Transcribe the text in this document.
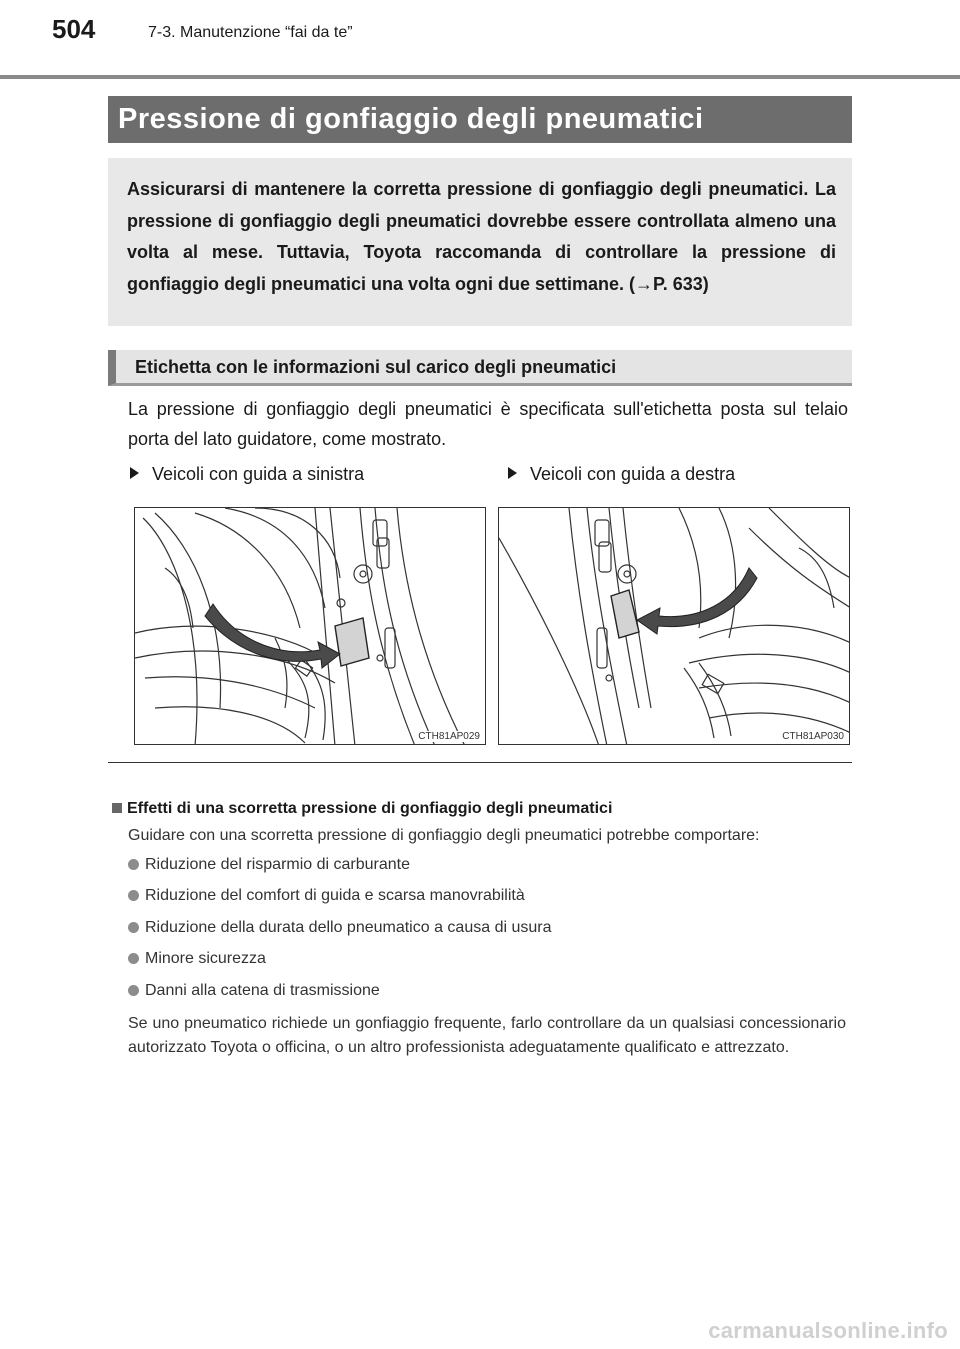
504	7-3. Manutenzione “fai da te”
Pressione di gonfiaggio degli pneumatici
Assicurarsi di mantenere la corretta pressione di gonfiaggio degli pneumatici. La pressione di gonfiaggio degli pneumatici dovrebbe essere controllata almeno una volta al mese. Tuttavia, Toyota raccomanda di controllare la pressione di gonfiaggio degli pneumatici una volta ogni due settimane. (→P. 633)
Etichetta con le informazioni sul carico degli pneumatici
La pressione di gonfiaggio degli pneumatici è specificata sull'etichetta posta sul telaio porta del lato guidatore, come mostrato.
Veicoli con guida a sinistra	Veicoli con guida a destra
CTH81AP029	CTH81AP030
Effetti di una scorretta pressione di gonfiaggio degli pneumatici
Guidare con una scorretta pressione di gonfiaggio degli pneumatici potrebbe comportare:
Riduzione del risparmio di carburante
Riduzione del comfort di guida e scarsa manovrabilità
Riduzione della durata dello pneumatico a causa di usura
Minore sicurezza
Danni alla catena di trasmissione
Se uno pneumatico richiede un gonfiaggio frequente, farlo controllare da un qualsiasi concessionario autorizzato Toyota o officina, o un altro professionista adeguatamente qualificato e attrezzato.
carmanualsonline.info
